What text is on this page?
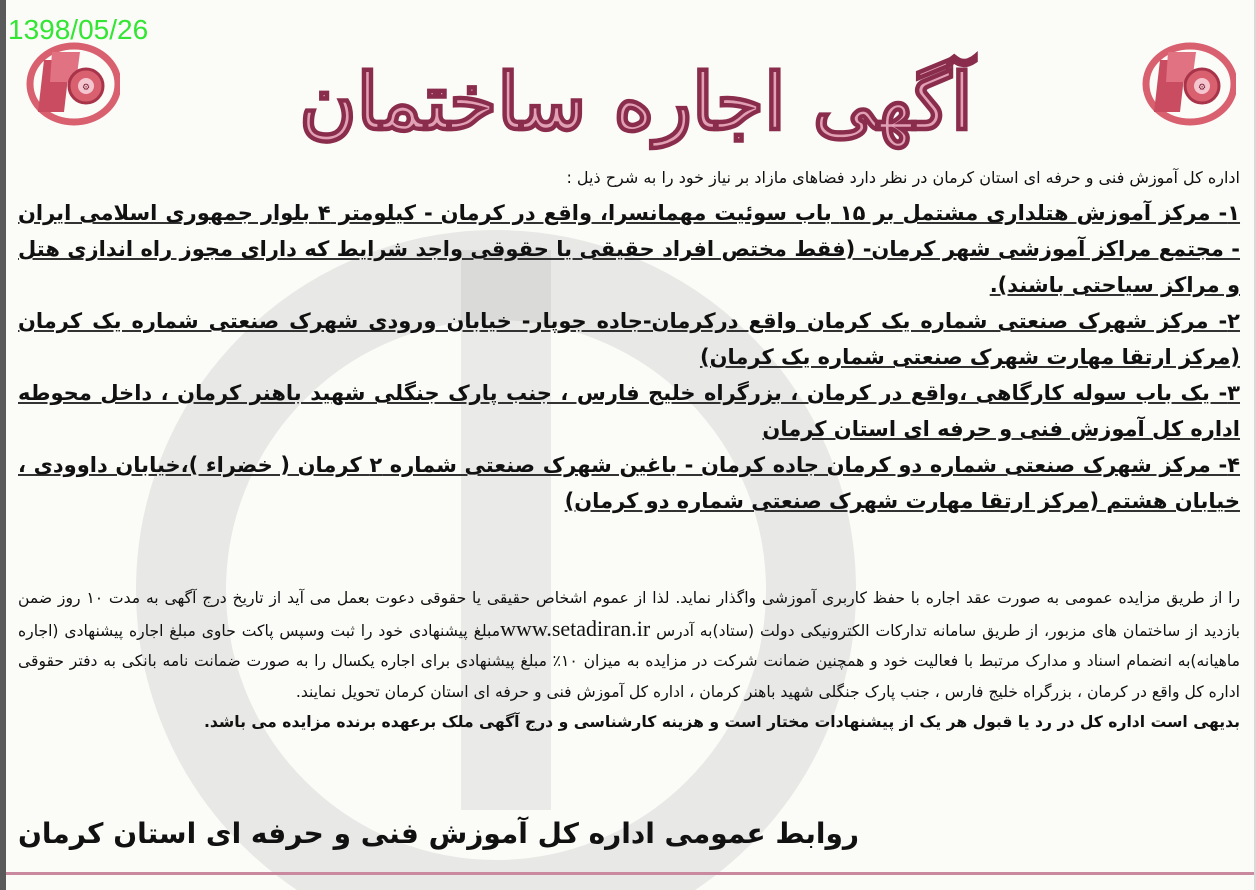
⚙	⚙
آگهی اجاره ساختمان
اداره کل آموزش فنی و حرفه ای استان کرمان در نظر دارد فضاهای مازاد بر نیاز خود را به شرح ذیل :

۱- مرکز آموزش هتلداری مشتمل بر ۱۵ باب سوئیت مهمانسرا، واقع در کرمان - کیلومتر ۴ بلوار جمهوری اسلامی ایران - مجتمع مراکز آموزشی شهر کرمان- (فقط مختص افراد حقیقی یا حقوقی واجد شرایط که دارای مجوز راه اندازی هتل و مراکز سیاحتی باشند).

۲- مرکز شهرک صنعتی شماره یک کرمان واقع درکرمان-جاده جوپار- خیابان ورودی شهرک صنعتی شماره یک کرمان (مرکز ارتقا مهارت شهرک صنعتی شماره یک کرمان)

۳- یک باب سوله کارگاهی ،واقع در کرمان ، بزرگراه خلیج فارس ، جنب پارک جنگلی شهید باهنر کرمان ، داخل محوطه اداره کل آموزش فنی و حرفه ای استان کرمان

۴- مرکز شهرک صنعتی شماره دو کرمان جاده کرمان - باغین شهرک صنعتی شماره ۲ کرمان ( خضراء )،خیابان داوودی ، خیابان هشتم (مرکز ارتقا مهارت شهرک صنعتی شماره دو کرمان)

را از طریق مزایده عمومی به صورت عقد اجاره با حفظ کاربری آموزشی واگذار نماید. لذا از عموم اشخاص حقیقی یا حقوقی دعوت بعمل می آید از تاریخ درج آگهی به مدت ۱۰ روز ضمن بازدید از ساختمان های مزبور، از طریق سامانه تدارکات الکترونیکی دولت (ستاد)به آدرس www.setadiran.irمبلغ پیشنهادی خود را ثبت وسپس پاکت حاوی مبلغ اجاره پیشنهادی (اجاره ماهیانه)به انضمام اسناد و مدارک مرتبط با فعالیت خود و همچنین ضمانت شرکت در مزایده به میزان ۱۰٪ مبلغ پیشنهادی برای اجاره یکسال را به صورت ضمانت نامه بانکی به دفتر حقوقی اداره کل واقع در کرمان ، بزرگراه خلیج فارس ، جنب پارک جنگلی شهید باهنر کرمان ، اداره کل آموزش فنی و حرفه ای استان کرمان تحویل نمایند.
بدیهی است اداره کل در رد یا قبول هر یک از پیشنهادات مختار است و هزینه کارشناسی و درج آگهی ملک برعهده برنده مزایده می باشد.
روابط عمومی اداره کل آموزش فنی و حرفه ای استان کرمان
1398/05/26
